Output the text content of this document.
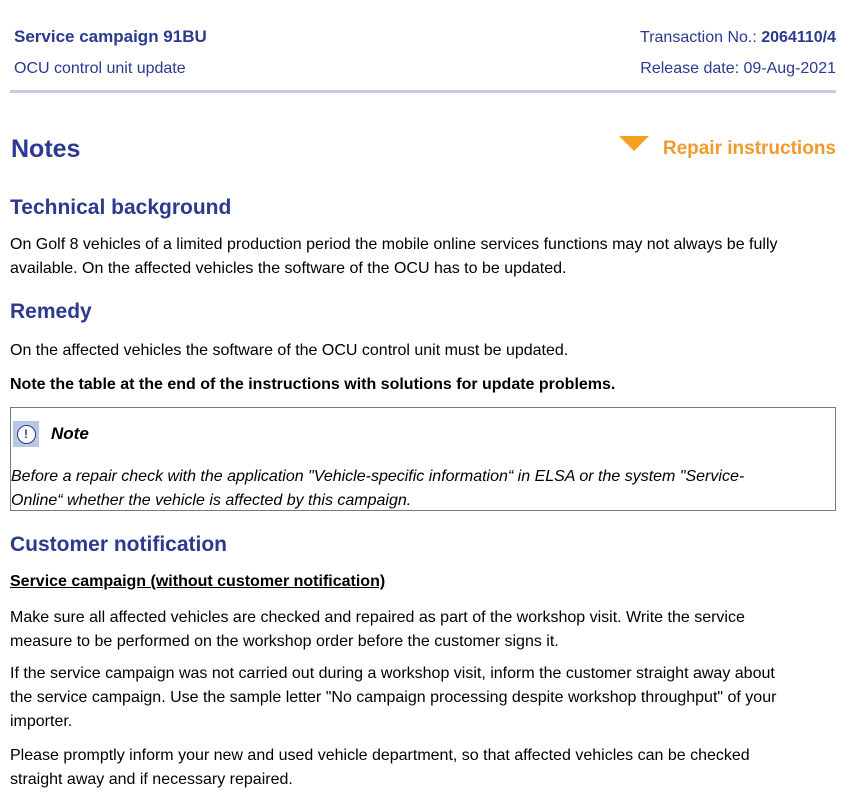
Service campaign 91BU	Transaction No.: 2064110/4
OCU control unit update	Release date: 09-Aug-2021
Notes	Repair instructions
Technical background

On Golf 8 vehicles of a limited production period the mobile online services functions may not always be fully

available. On the affected vehicles the software of the OCU has to be updated.

Remedy

On the affected vehicles the software of the OCU control unit must be updated.

Note the table at the end of the instructions with solutions for update problems.

!	Note
Before a repair check with the application "Vehicle-specific information“ in ELSA or the system "Service-
Online“ whether the vehicle is affected by this campaign.
Customer notification

Service campaign (without customer notification)

Make sure all affected vehicles are checked and repaired as part of the workshop visit. Write the service

measure to be performed on the workshop order before the customer signs it.

If the service campaign was not carried out during a workshop visit, inform the customer straight away about

the service campaign. Use the sample letter "No campaign processing despite workshop throughput" of your

importer.

Please promptly inform your new and used vehicle department, so that affected vehicles can be checked

straight away and if necessary repaired.
